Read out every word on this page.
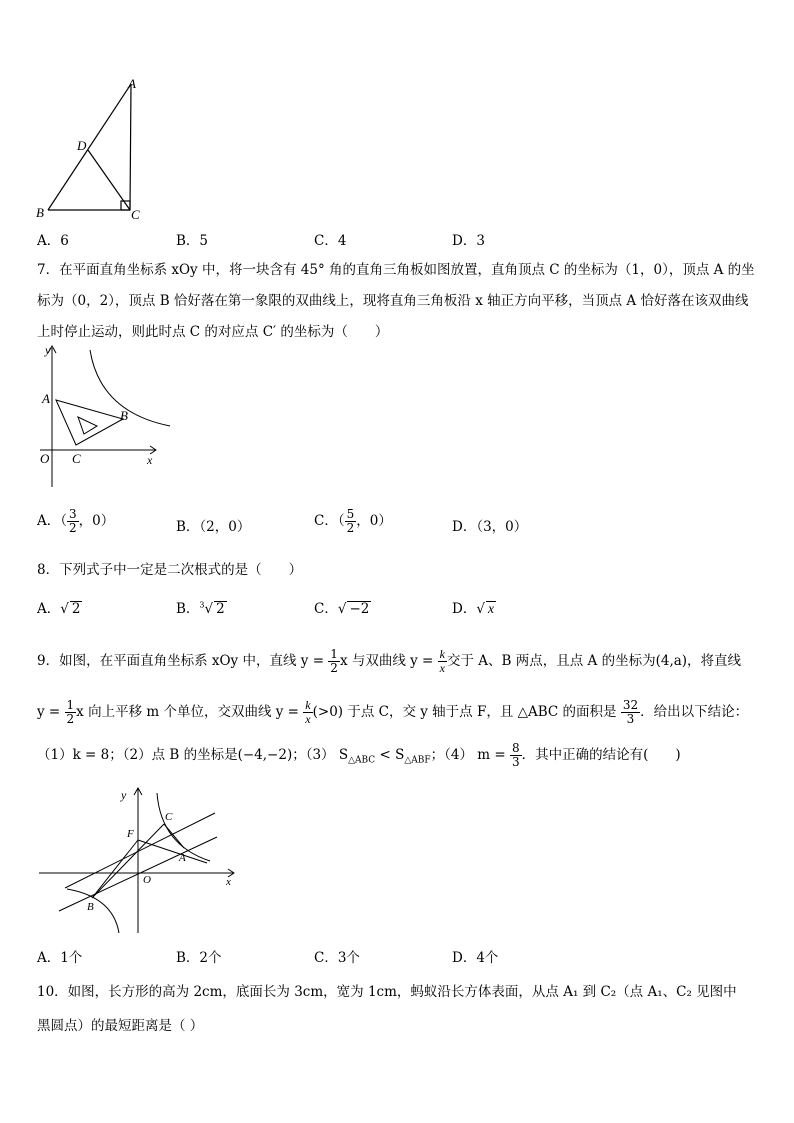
A
D
B	C
A．6	B．5	C．4	D．3
7．在平面直角坐标系 xOy 中，将一块含有 45° 角的直角三角板如图放置，直角顶点 C 的坐标为（1，0），顶点 A 的坐
标为（0，2），顶点 B 恰好落在第一象限的双曲线上，现将直角三角板沿 x 轴正方向平移，当顶点 A 恰好落在该双曲线
上时停止运动，则此时点 C 的对应点 C′ 的坐标为（　　）
y
A
B
O C	x
A．（ $\frac{3}{2}$ ，0）	B．（2，0）	C．（ $\frac{5}{2}$ ，0）	D．（3，0）
8．下列式子中一定是二次根式的是（　　）
A．√ 2	B．$^3$√ 2	C．√ −2	D．√ x
9．如图，在平面直角坐标系 xOy 中，直线 $y = \frac{1}{2}$ x 与双曲线 $y = \frac{k}{x}$ 交于 A、B 两点，且点 A 的坐标为(4,a)，将直线
$y = \frac{1}{2}$ x 向上平移 m 个单位，交双曲线 $y = \frac{k}{x} (>0)$ 于点 C，交 y 轴于点 F，且 △ABC 的面积是 $\frac{32}{3}$ ．给出以下结论：
（1）k = 8；（2）点 B 的坐标是(−4,−2)；（3） $S_{\triangle ABC} < S_{\triangle ABF}$；（4） $m = \frac{8}{3}$ ．其中正确的结论有(　　)
y
C
F
A
O	x
B
A．1个	B．2个	C．3个	D．4个
10．如图，长方形的高为 2cm，底面长为 3cm，宽为 1cm，蚂蚁沿长方体表面，从点 A₁ 到 C₂（点 A₁、C₂ 见图中
黑圆点）的最短距离是（ ）
